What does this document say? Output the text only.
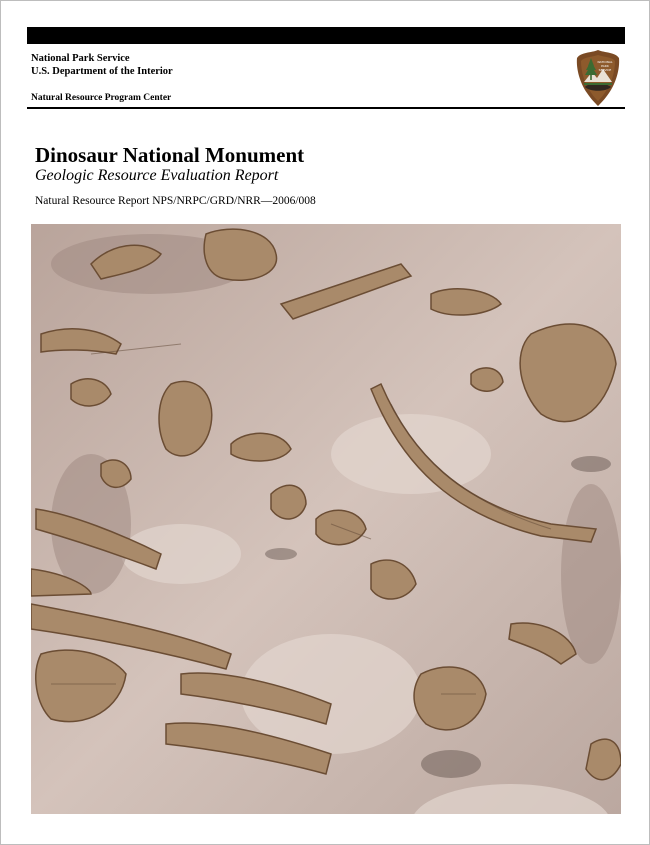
National Park Service
U.S. Department of the Interior
Natural Resource Program Center
NATIONAL
PARK
SERVICE
Dinosaur National Monument
Geologic Resource Evaluation Report
Natural Resource Report NPS/NRPC/GRD/NRR—2006/008
